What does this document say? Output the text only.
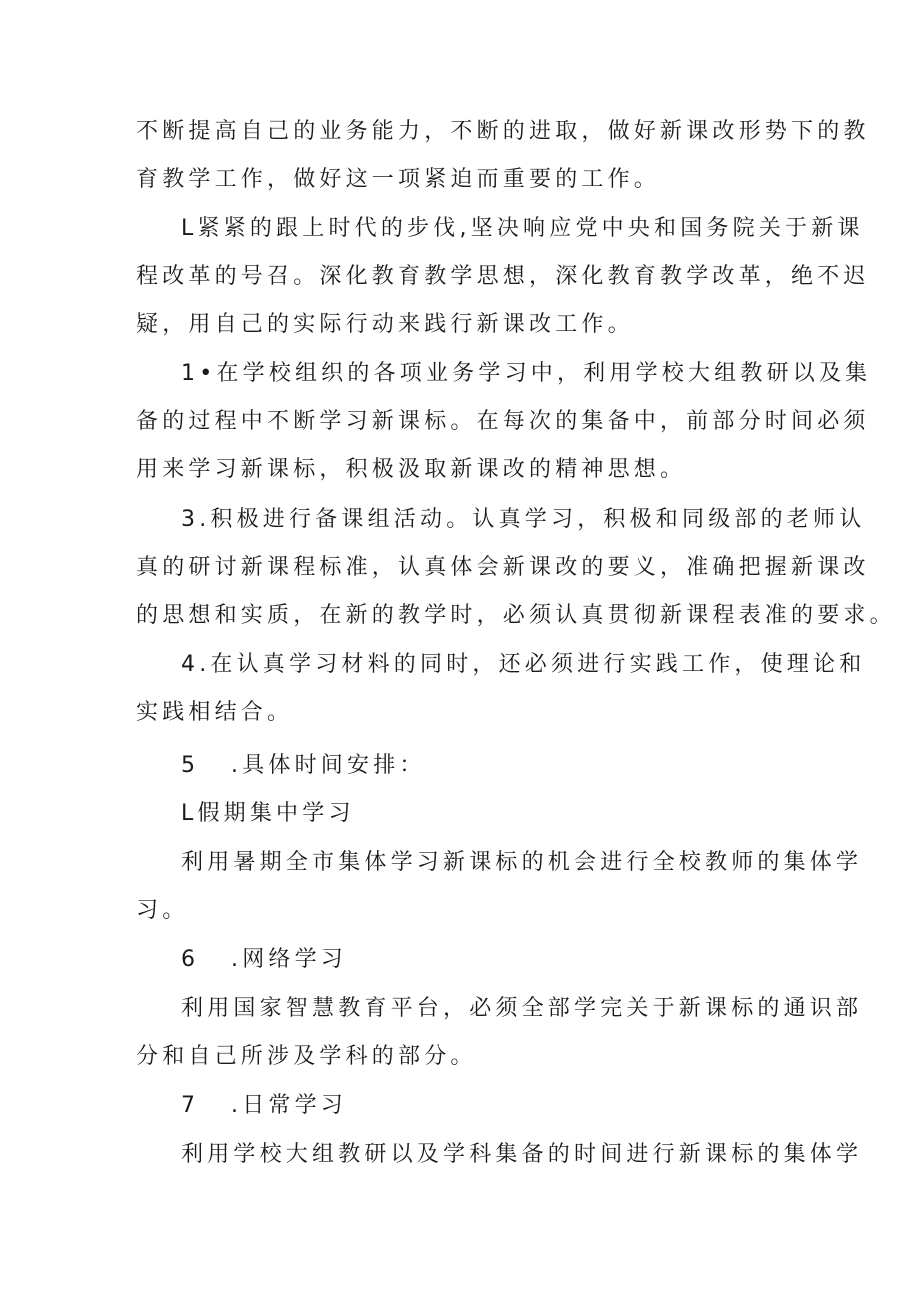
不断提高自己的业务能力，不断的进取，做好新课改形势下的教
育教学工作，做好这一项紧迫而重要的工作。
L紧紧的跟上时代的步伐,坚决响应党中央和国务院关于新课
程改革的号召。深化教育教学思想，深化教育教学改革，绝不迟
疑，用自己的实际行动来践行新课改工作。
1•在学校组织的各项业务学习中，利用学校大组教研以及集
备的过程中不断学习新课标。在每次的集备中，前部分时间必须
用来学习新课标，积极汲取新课改的精神思想。
3.积极进行备课组活动。认真学习，积极和同级部的老师认
真的研讨新课程标准，认真体会新课改的要义，准确把握新课改
的思想和实质，在新的教学时，必须认真贯彻新课程表准的要求。
4.在认真学习材料的同时，还必须进行实践工作，使理论和
实践相结合。
5 .具体时间安排：
L假期集中学习
利用暑期全市集体学习新课标的机会进行全校教师的集体学
习。
6 .网络学习
利用国家智慧教育平台，必须全部学完关于新课标的通识部
分和自己所涉及学科的部分。
7 .日常学习
利用学校大组教研以及学科集备的时间进行新课标的集体学
